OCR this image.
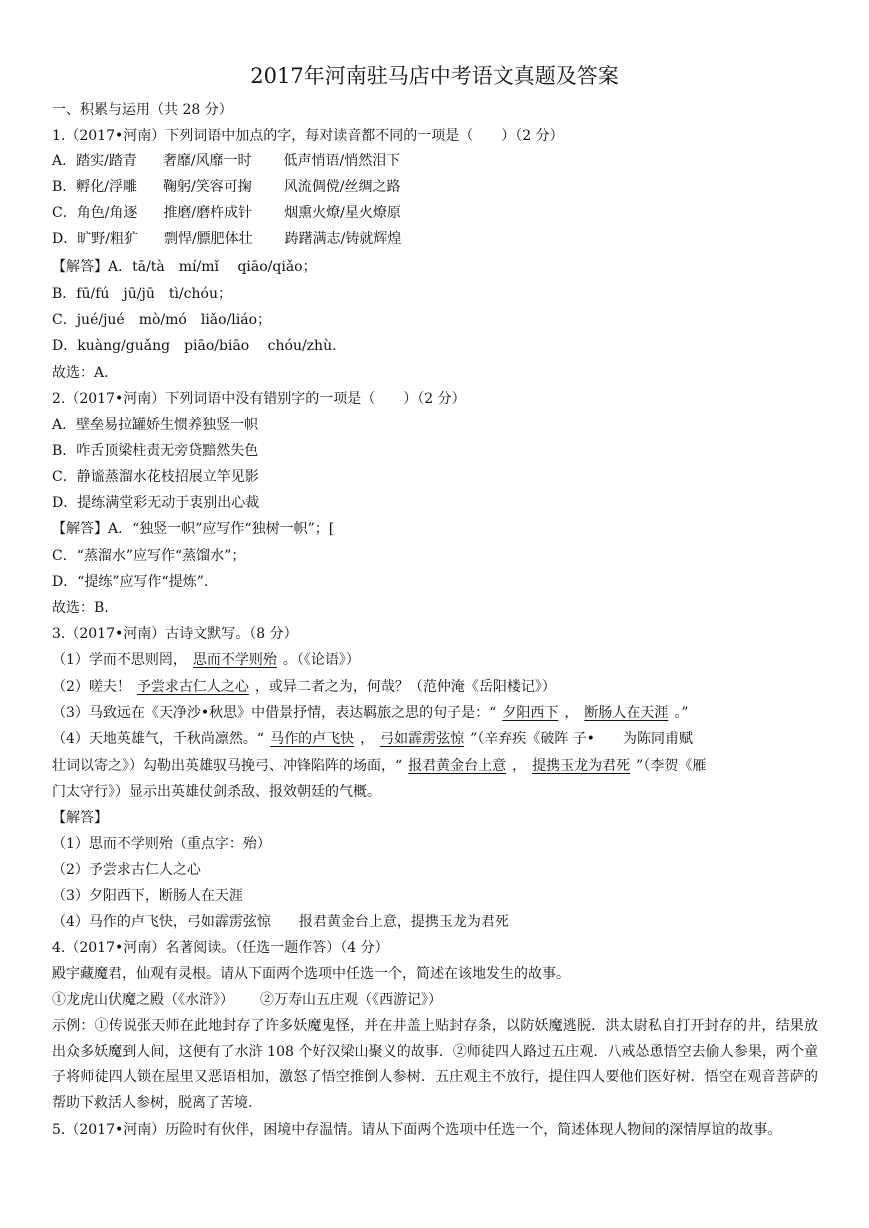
2017年河南驻马店中考语文真题及答案
一、积累与运用（共 28 分）
1.（2017•河南）下列词语中加点的字，每对读音都不同的一项是（　　）（2 分）
A．踏实/踏青 奢靡/风靡一时 低声悄语/悄然泪下
B．孵化/浮雕 鞠躬/笑容可掬 风流倜傥/丝绸之路
C．角色/角逐 推磨/磨杵成针 烟熏火燎/星火燎原
D．旷野/粗犷 剽悍/膘肥体壮 踌躇满志/铸就辉煌
【解答】A．tā/tà　mí/mǐ　 qiāo/qiǎo；
B．fū/fú　jū/jū　tì/chóu；
C．jué/jué　mò/mó　liǎo/liáo；
D．kuàng/guǎng　piāo/biāo　 chóu/zhù.
故选：A.
2.（2017•河南）下列词语中没有错别字的一项是（　　）（2 分）
A．壁垒易拉罐娇生惯养独竖一帜
B．咋舌顶梁柱责无旁贷黯然失色
C．静谧蒸溜水花枝招展立竿见影
D．提练满堂彩无动于衷别出心裁
【解答】A．“独竖一帜”应写作“独树一帜”；[
C．“蒸溜水”应写作“蒸馏水”；
D．“提练”应写作“提炼”.
故选：B.
3.（2017•河南）古诗文默写。（8 分）
（1）学而不思则罔， 思而不学则殆 。（《论语》）
（2）嗟夫！ 予尝求古仁人之心 ，或异二者之为，何哉？（范仲淹《岳阳楼记》）
（3）马致远在《天净沙•秋思》中借景抒情，表达羁旅之思的句子是：“ 夕阳西下 ， 断肠人在天涯 。”
（4）天地英雄气，千秋尚凛然。“ 马作的卢飞快 ， 弓如霹雳弦惊 ”（辛弃疾《破阵 子•　　为陈同甫赋
壮词以寄之》）勾勒出英雄驭马挽弓、冲锋陷阵的场面，“ 报君黄金台上意 ， 提携玉龙为君死 ”（李贺《雁
门太守行》）显示出英雄仗剑杀敌、报效朝廷的气概。
【解答】
（1）思而不学则殆（重点字：殆）
（2）予尝求古仁人之心
（3）夕阳西下，断肠人在天涯
（4）马作的卢飞快，弓如霹雳弦惊　　报君黄金台上意，提携玉龙为君死
4.（2017•河南）名著阅读。（任选一题作答）（4 分）
殿宇藏魔君，仙观有灵根。请从下面两个选项中任选一个，简述在该地发生的故事。
①龙虎山伏魔之殿（《水浒》） ②万寿山五庄观（《西游记》）
示例：①传说张天师在此地封存了许多妖魔鬼怪，并在井盖上贴封存条，以防妖魔逃脱．洪太尉私自打开封存的井，结果放出众多妖魔到人间，这便有了水浒 108 个好汉梁山聚义的故事．②师徒四人路过五庄观．八戒怂恿悟空去偷人参果，两个童子将师徒四人锁在屋里又恶语相加，激怒了悟空推倒人参树．五庄观主不放行，提住四人要他们医好树．悟空在观音菩萨的帮助下救活人参树，脱离了苦境.
5.（2017•河南）历险时有伙伴，困境中存温情。请从下面两个选项中任选一个，简述体现人物间的深情厚谊的故事。
